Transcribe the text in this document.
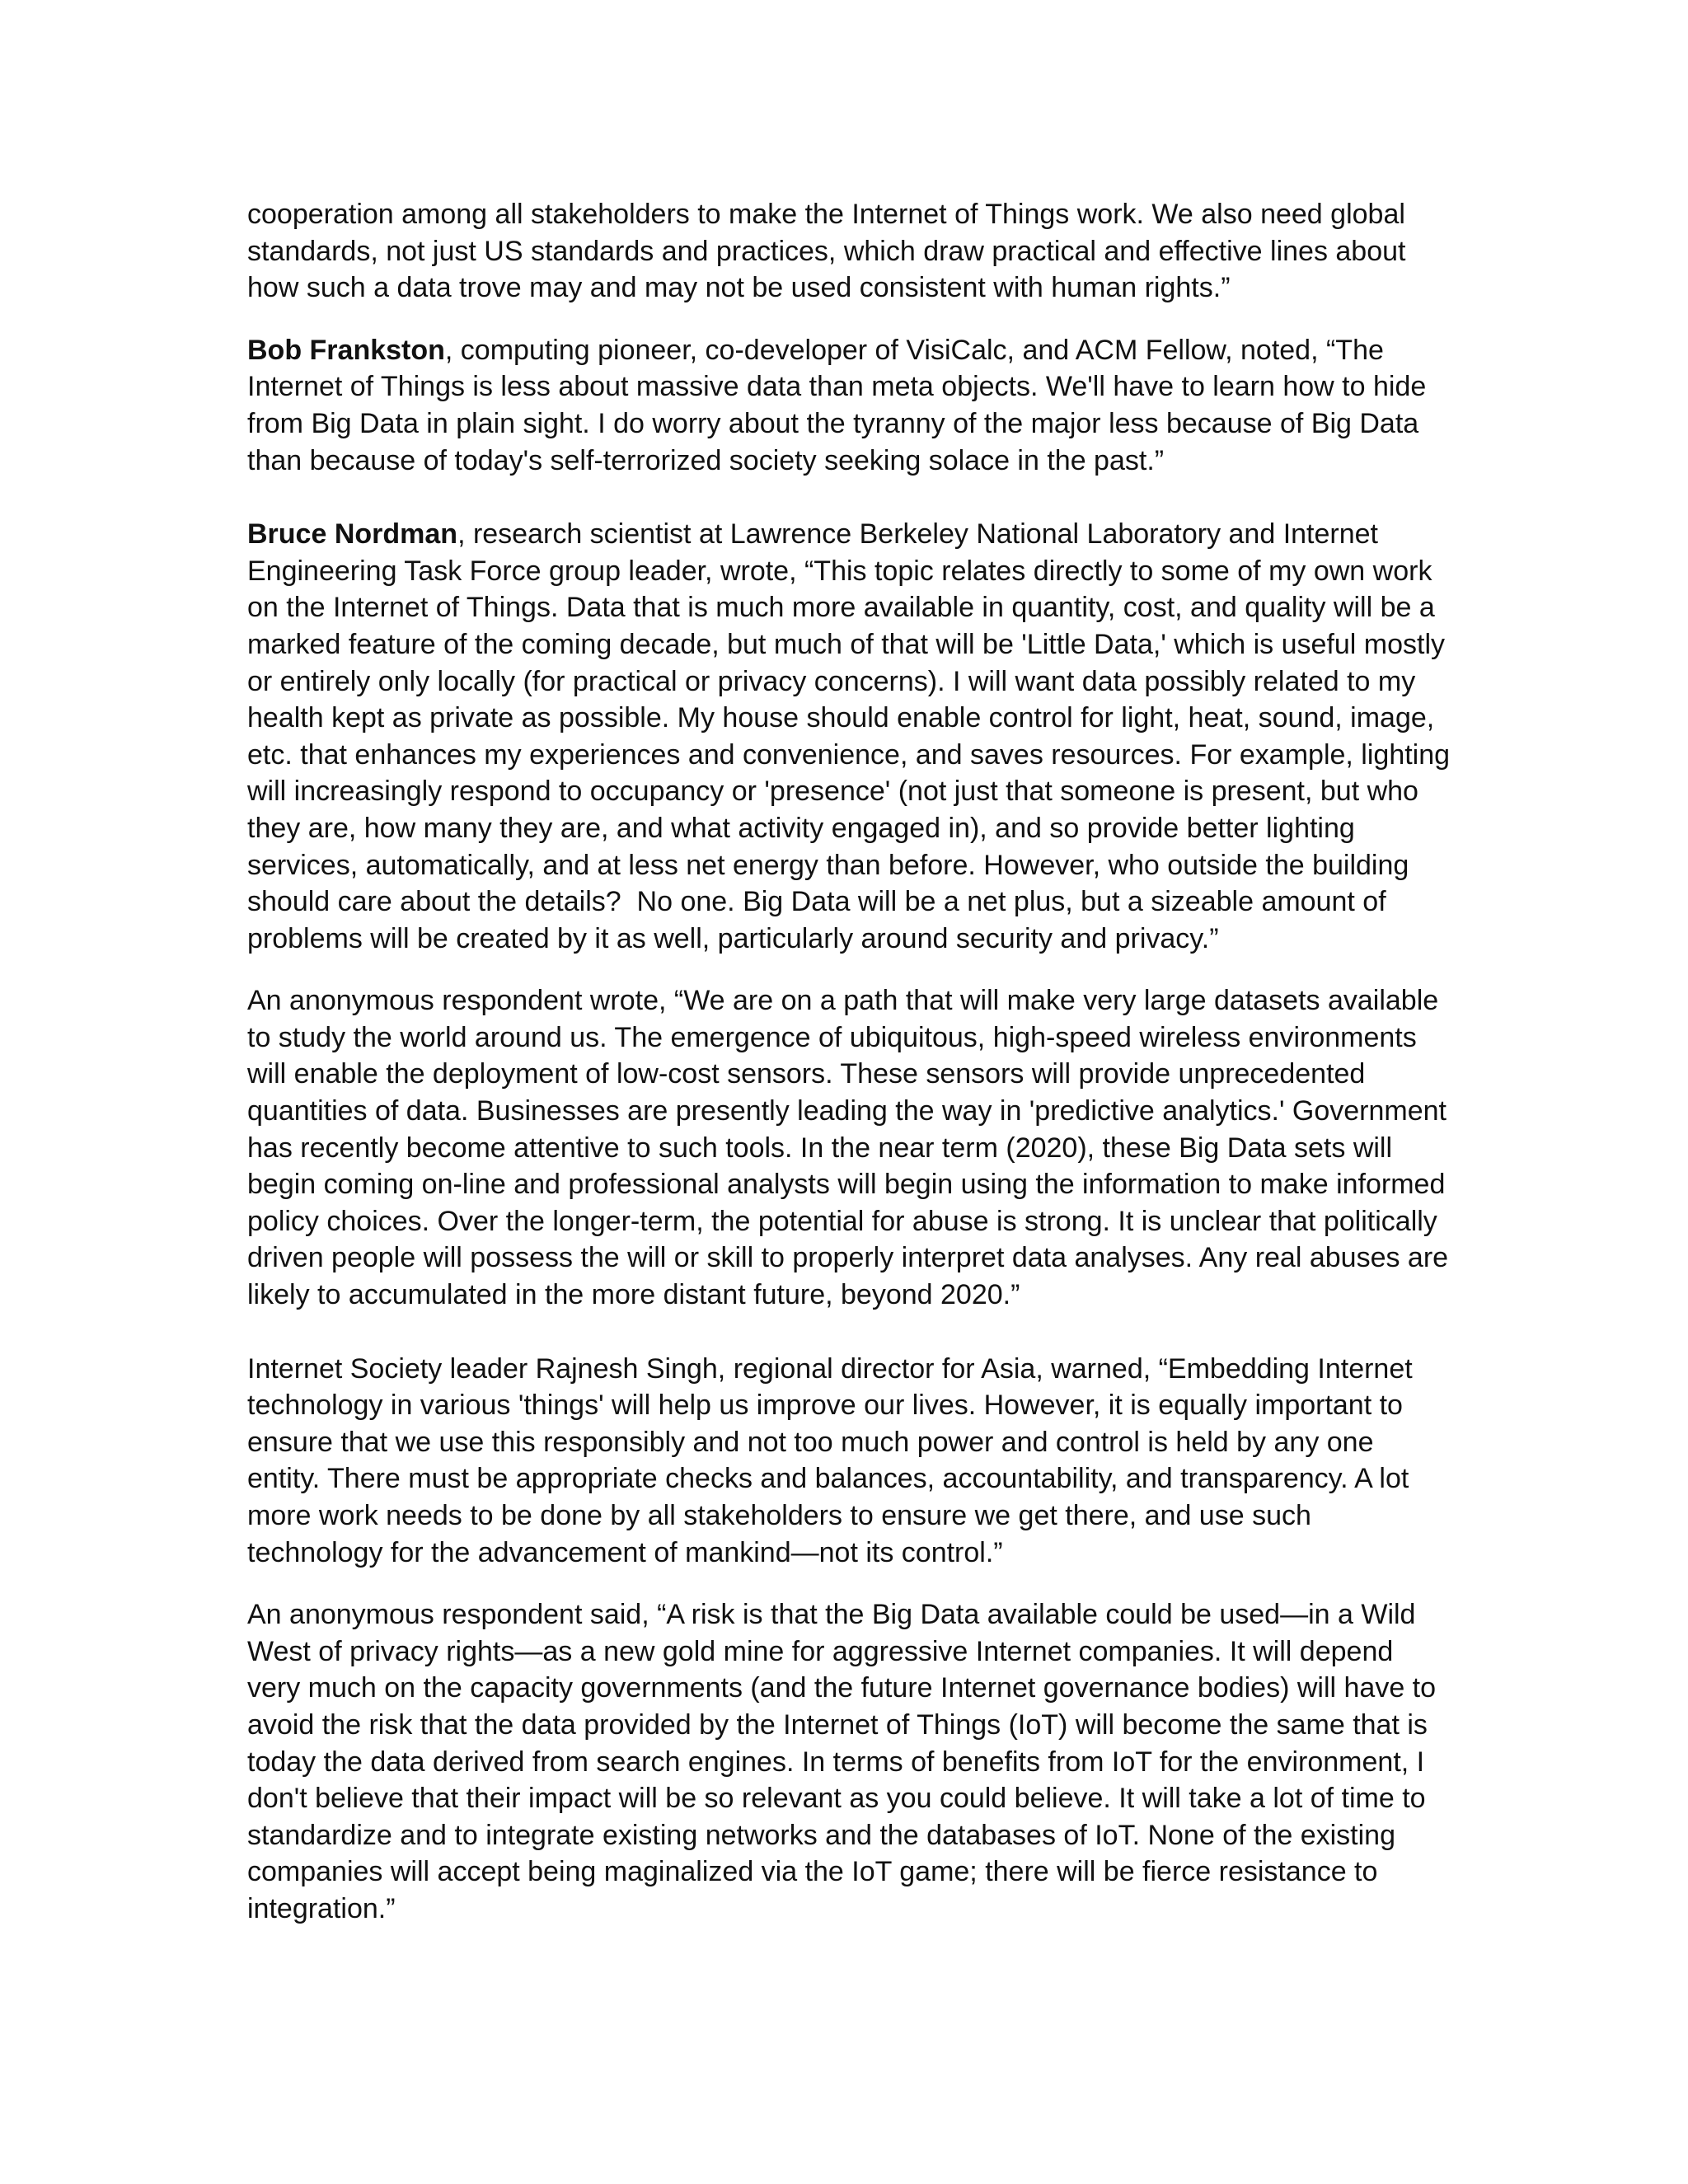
cooperation among all stakeholders to make the Internet of Things work. We also need global standards, not just US standards and practices, which draw practical and effective lines about how such a data trove may and may not be used consistent with human rights.”

Bob Frankston, computing pioneer, co-developer of VisiCalc, and ACM Fellow, noted, “The Internet of Things is less about massive data than meta objects. We'll have to learn how to hide from Big Data in plain sight. I do worry about the tyranny of the major less because of Big Data than because of today's self-terrorized society seeking solace in the past.”

Bruce Nordman, research scientist at Lawrence Berkeley National Laboratory and Internet Engineering Task Force group leader, wrote, “This topic relates directly to some of my own work on the Internet of Things. Data that is much more available in quantity, cost, and quality will be a marked feature of the coming decade, but much of that will be 'Little Data,' which is useful mostly or entirely only locally (for practical or privacy concerns). I will want data possibly related to my health kept as private as possible. My house should enable control for light, heat, sound, image, etc. that enhances my experiences and convenience, and saves resources. For example, lighting will increasingly respond to occupancy or 'presence' (not just that someone is present, but who they are, how many they are, and what activity engaged in), and so provide better lighting services, automatically, and at less net energy than before. However, who outside the building should care about the details?  No one. Big Data will be a net plus, but a sizeable amount of problems will be created by it as well, particularly around security and privacy.”

An anonymous respondent wrote, “We are on a path that will make very large datasets available to study the world around us. The emergence of ubiquitous, high-speed wireless environments will enable the deployment of low-cost sensors. These sensors will provide unprecedented quantities of data. Businesses are presently leading the way in 'predictive analytics.' Government has recently become attentive to such tools. In the near term (2020), these Big Data sets will begin coming on-line and professional analysts will begin using the information to make informed policy choices. Over the longer-term, the potential for abuse is strong. It is unclear that politically driven people will possess the will or skill to properly interpret data analyses. Any real abuses are likely to accumulated in the more distant future, beyond 2020.”

Internet Society leader Rajnesh Singh, regional director for Asia, warned, “Embedding Internet technology in various 'things' will help us improve our lives. However, it is equally important to ensure that we use this responsibly and not too much power and control is held by any one entity. There must be appropriate checks and balances, accountability, and transparency. A lot more work needs to be done by all stakeholders to ensure we get there, and use such technology for the advancement of mankind—not its control.”

An anonymous respondent said, “A risk is that the Big Data available could be used—in a Wild West of privacy rights—as a new gold mine for aggressive Internet companies. It will depend very much on the capacity governments (and the future Internet governance bodies) will have to avoid the risk that the data provided by the Internet of Things (IoT) will become the same that is today the data derived from search engines. In terms of benefits from IoT for the environment, I don't believe that their impact will be so relevant as you could believe. It will take a lot of time to standardize and to integrate existing networks and the databases of IoT. None of the existing companies will accept being maginalized via the IoT game; there will be fierce resistance to integration.”
